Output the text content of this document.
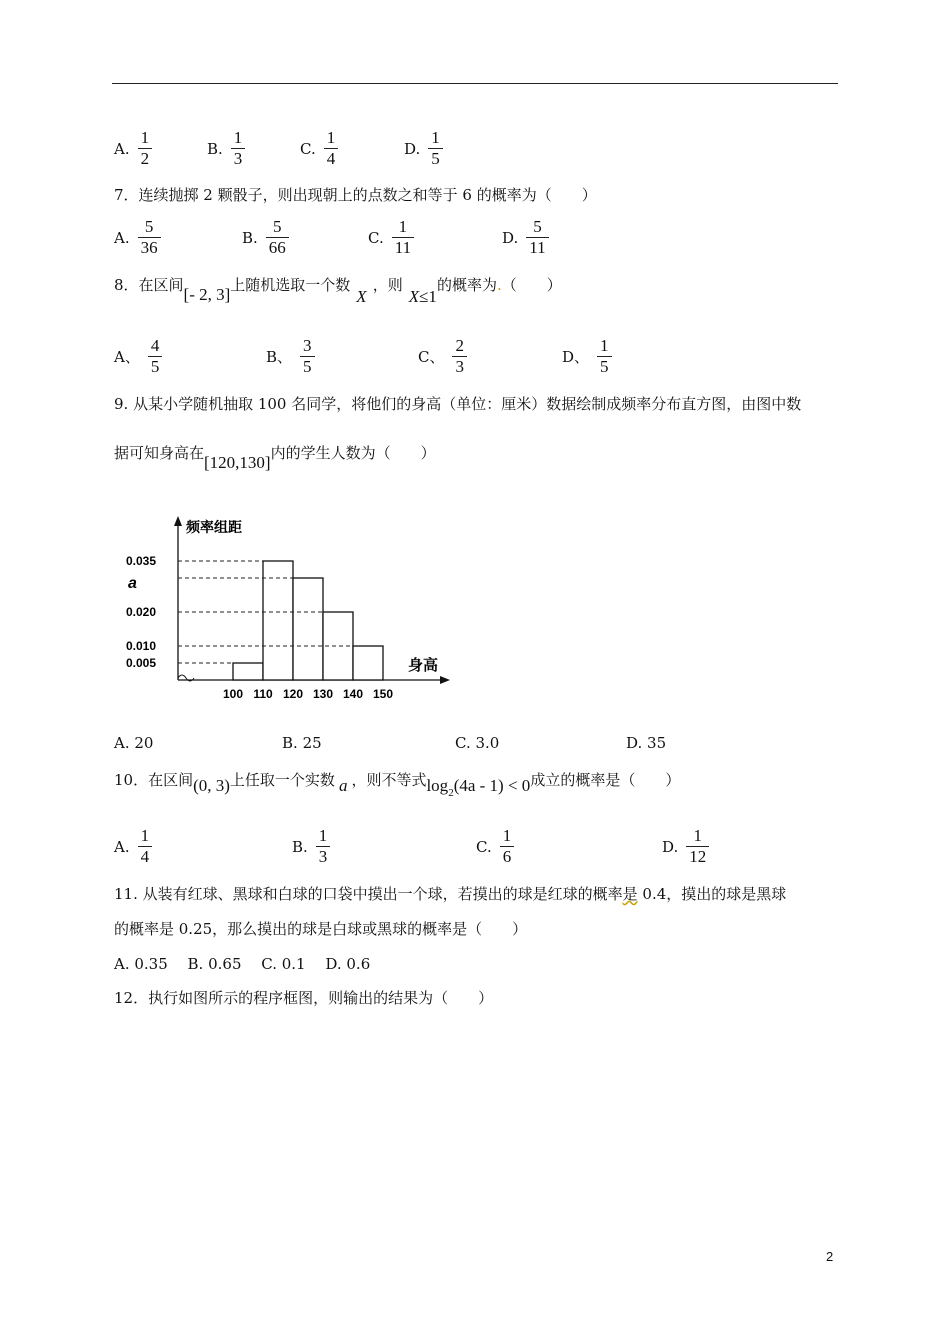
A. $\frac{1}{2}$	B. $\frac{1}{3}$	C. $\frac{1}{4}$	D. $\frac{1}{5}$
7．连续抛掷 2 颗骰子，则出现朝上的点数之和等于 6 的概率为（　　）
A. $\frac{5}{36}$	B. $\frac{5}{66}$	C. $\frac{1}{11}$	D. $\frac{5}{11}$
8．在区间[- 2, 3]上随机选取一个数X，则X≤1的概率为.（　　）
A、 $\frac{4}{5}$	B、 $\frac{3}{5}$	C、 $\frac{2}{3}$	D、 $\frac{1}{5}$
9. 从某小学随机抽取 100 名同学，将他们的身高（单位：厘米）数据绘制成频率分布直方图，由图中数
据可知身高在[120,130]内的学生人数为（　　）
0.035
a
0.020
0.010
0.005
100 110 120 130 140 150
频率组距
身高
A. 20	B. 25	C. 3.0	D. 35
10．在区间(0, 3)上任取一个实数 a ，则不等式$\log_2(4a - 1) < 0$成立的概率是（　　）
A. $\frac{1}{4}$	B. $\frac{1}{3}$	C. $\frac{1}{6}$	D. $\frac{1}{12}$
11. 从装有红球、黑球和白球的口袋中摸出一个球，若摸出的球是红球的概率是 0.4，摸出的球是黑球
的概率是 0.25，那么摸出的球是白球或黑球的概率是（　　）
A. 0.35　 B. 0.65　 C. 0.1　 D. 0.6
12．执行如图所示的程序框图，则输出的结果为（　　）
2
